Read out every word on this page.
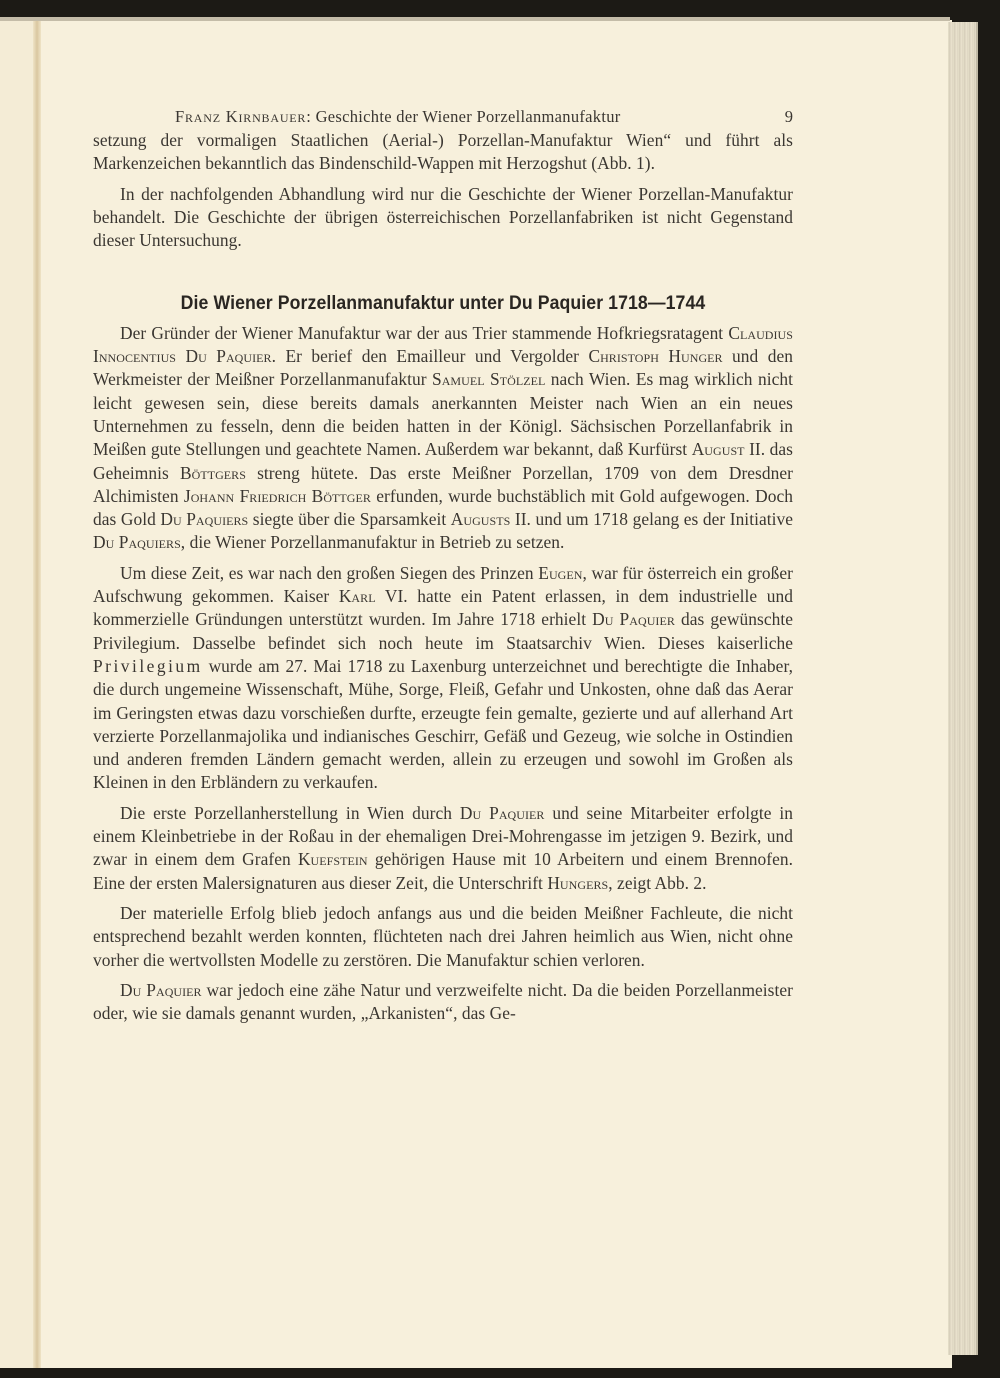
Franz Kirnbauer: Geschichte der Wiener Porzellanmanufaktur	9

setzung der vormaligen Staatlichen (Aerial-) Porzellan-Manufaktur Wien“ und führt als Markenzeichen bekanntlich das Bindenschild-Wappen mit Herzogshut (Abb. 1).

In der nachfolgenden Abhandlung wird nur die Geschichte der Wiener Porzellan-Manufaktur behandelt. Die Geschichte der übrigen österreichischen Porzellanfabriken ist nicht Gegenstand dieser Untersuchung.

Die Wiener Porzellanmanufaktur unter Du Paquier 1718—1744

Der Gründer der Wiener Manufaktur war der aus Trier stammende Hofkriegsratagent Claudius Innocentius Du Paquier. Er berief den Emailleur und Vergolder Christoph Hunger und den Werkmeister der Meißner Porzellanmanufaktur Samuel Stölzel nach Wien. Es mag wirklich nicht leicht gewesen sein, diese bereits damals anerkannten Meister nach Wien an ein neues Unternehmen zu fesseln, denn die beiden hatten in der Königl. Sächsischen Porzellanfabrik in Meißen gute Stellungen und geachtete Namen. Außerdem war bekannt, daß Kurfürst August II. das Geheimnis Böttgers streng hütete. Das erste Meißner Porzellan, 1709 von dem Dresdner Alchimisten Johann Friedrich Böttger erfunden, wurde buchstäblich mit Gold aufgewogen. Doch das Gold Du Paquiers siegte über die Sparsamkeit Augusts II. und um 1718 gelang es der Initiative Du Paquiers, die Wiener Porzellanmanufaktur in Betrieb zu setzen.

Um diese Zeit, es war nach den großen Siegen des Prinzen Eugen, war für österreich ein großer Aufschwung gekommen. Kaiser Karl VI. hatte ein Patent erlassen, in dem industrielle und kommerzielle Gründungen unterstützt wurden. Im Jahre 1718 erhielt Du Paquier das gewünschte Privilegium. Dasselbe befindet sich noch heute im Staatsarchiv Wien. Dieses kaiserliche Privilegium wurde am 27. Mai 1718 zu Laxenburg unterzeichnet und berechtigte die Inhaber, die durch ungemeine Wissenschaft, Mühe, Sorge, Fleiß, Gefahr und Unkosten, ohne daß das Aerar im Geringsten etwas dazu vorschießen durfte, erzeugte fein gemalte, gezierte und auf allerhand Art verzierte Porzellanmajolika und indianisches Geschirr, Gefäß und Gezeug, wie solche in Ostindien und anderen fremden Ländern gemacht werden, allein zu erzeugen und sowohl im Großen als Kleinen in den Erbländern zu verkaufen.

Die erste Porzellanherstellung in Wien durch Du Paquier und seine Mitarbeiter erfolgte in einem Kleinbetriebe in der Roßau in der ehemaligen Drei-Mohrengasse im jetzigen 9. Bezirk, und zwar in einem dem Grafen Kuefstein gehörigen Hause mit 10 Arbeitern und einem Brennofen. Eine der ersten Malersignaturen aus dieser Zeit, die Unterschrift Hungers, zeigt Abb. 2.

Der materielle Erfolg blieb jedoch anfangs aus und die beiden Meißner Fachleute, die nicht entsprechend bezahlt werden konnten, flüchteten nach drei Jahren heimlich aus Wien, nicht ohne vorher die wertvollsten Modelle zu zerstören. Die Manufaktur schien verloren.

Du Paquier war jedoch eine zähe Natur und verzweifelte nicht. Da die beiden Porzellanmeister oder, wie sie damals genannt wurden, „Arkanisten“, das Ge-
